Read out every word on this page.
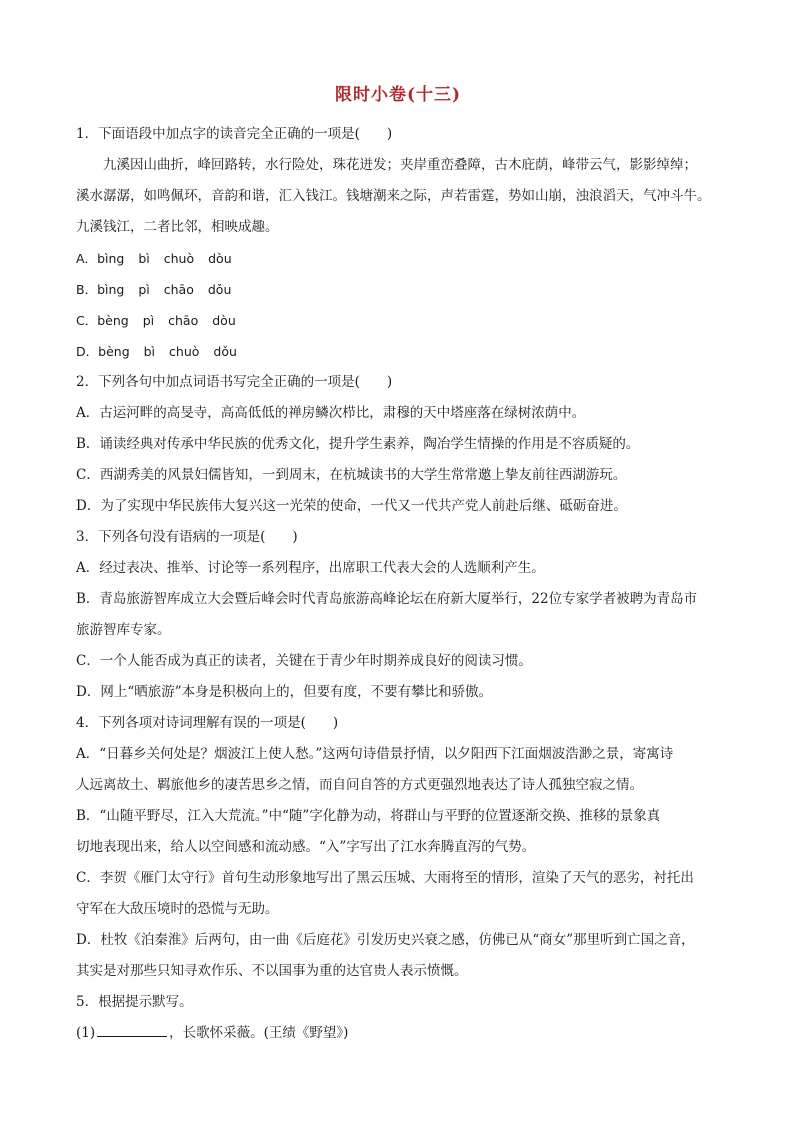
限时小卷(十三)
1．下面语段中加点字的读音完全正确的一项是(　　)
九溪因山曲折，峰回路转，水行险处，珠花迸发；夹岸重峦叠障，古木庇荫，峰带云气，影影绰绰；
溪水潺潺，如鸣佩环，音韵和谐，汇入钱江。钱塘潮来之际，声若雷霆，势如山崩，浊浪滔天，气冲斗牛。
九溪钱江，二者比邻，相映成趣。
A．bìng bì chuò dòu
B．bìng pì chāo dǒu
C．bèng pì chāo dòu
D．bèng bì chuò dǒu
2．下列各句中加点词语书写完全正确的一项是(　　)
A．古运河畔的高旻寺，高高低低的禅房鳞次栉比，肃穆的天中塔座落在绿树浓荫中。
B．诵读经典对传承中华民族的优秀文化，提升学生素养，陶冶学生情操的作用是不容质疑的。
C．西湖秀美的风景妇儒皆知，一到周末，在杭城读书的大学生常常邀上挚友前往西湖游玩。
D．为了实现中华民族伟大复兴这一光荣的使命，一代又一代共产党人前赴后继、砥砺奋进。
3．下列各句没有语病的一项是(　　)
A．经过表决、推举、讨论等一系列程序，出席职工代表大会的人选顺利产生。
B．青岛旅游智库成立大会暨后峰会时代青岛旅游高峰论坛在府新大厦举行，22位专家学者被聘为青岛市
旅游智库专家。
C．一个人能否成为真正的读者，关键在于青少年时期养成良好的阅读习惯。
D．网上“晒旅游”本身是积极向上的，但要有度，不要有攀比和骄傲。
4．下列各项对诗词理解有误的一项是(　　)
A．“日暮乡关何处是？烟波江上使人愁。”这两句诗借景抒情，以夕阳西下江面烟波浩渺之景，寄寓诗
人远离故土、羁旅他乡的凄苦思乡之情，而自问自答的方式更强烈地表达了诗人孤独空寂之情。
B．“山随平野尽，江入大荒流。”中“随”字化静为动，将群山与平野的位置逐渐交换、推移的景象真
切地表现出来，给人以空间感和流动感。“入”字写出了江水奔腾直泻的气势。
C．李贺《雁门太守行》首句生动形象地写出了黑云压城、大雨将至的情形，渲染了天气的恶劣，衬托出
守军在大敌压境时的恐慌与无助。
D．杜牧《泊秦淮》后两句，由一曲《后庭花》引发历史兴衰之感，仿佛已从“商女”那里听到亡国之音，
其实是对那些只知寻欢作乐、不以国事为重的达官贵人表示愤慨。
5．根据提示默写。
(1)	，长歌怀采薇。(王绩《野望》)
